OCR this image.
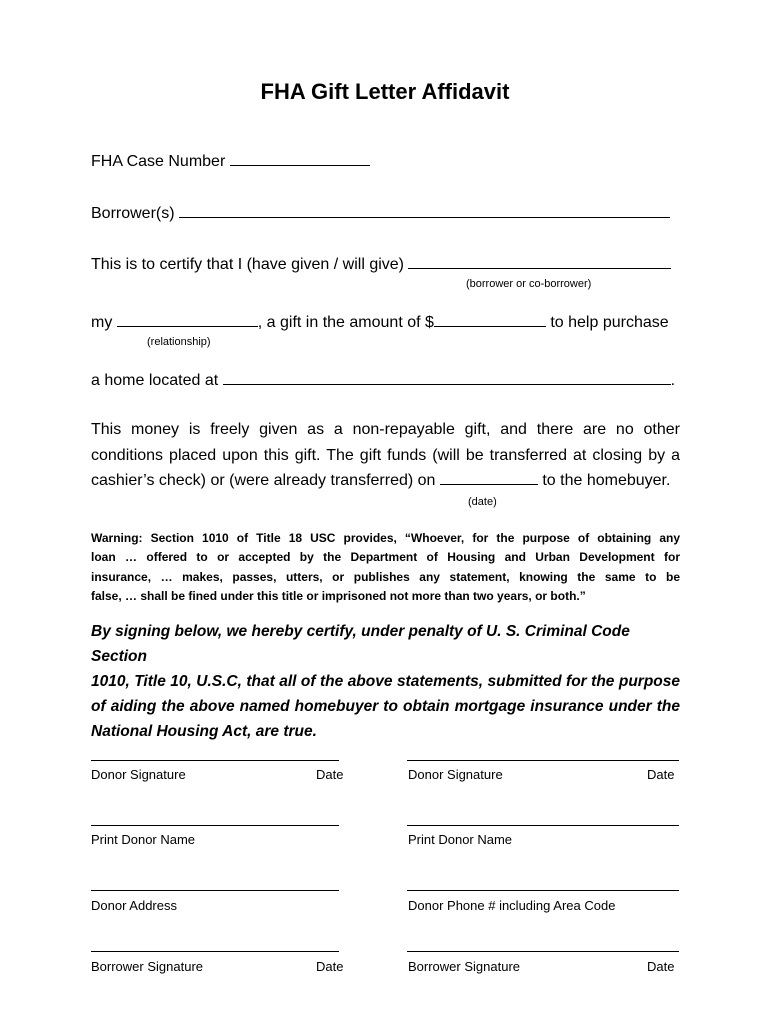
FHA Gift Letter Affidavit
FHA Case Number
Borrower(s)
This is to certify that I (have given / will give)
(borrower or co-borrower)
my	, a gift in the amount of $	to help purchase
(relationship)
a home located at	.
This money is freely given as a non-repayable gift, and there are no other
conditions placed upon this gift. The gift funds (will be transferred at closing by a
cashier’s check) or (were already transferred) on	to the homebuyer.
(date)
Warning: Section 1010 of Title 18 USC provides, “Whoever, for the purpose of obtaining any
loan … offered to or accepted by the Department of Housing and Urban Development for
insurance, … makes, passes, utters, or publishes any statement, knowing the same to be
false, … shall be fined under this title or imprisoned not more than two years, or both.”
By signing below, we hereby certify, under penalty of U. S. Criminal Code Section
1010, Title 10, U.S.C, that all of the above statements, submitted for the purpose
of aiding the above named homebuyer to obtain mortgage insurance under the
National Housing Act, are true.
Donor Signature	Date	Donor Signature	Date
Print Donor Name	Print Donor Name
Donor Address	Donor Phone # including Area Code
Borrower Signature	Date	Borrower Signature	Date
